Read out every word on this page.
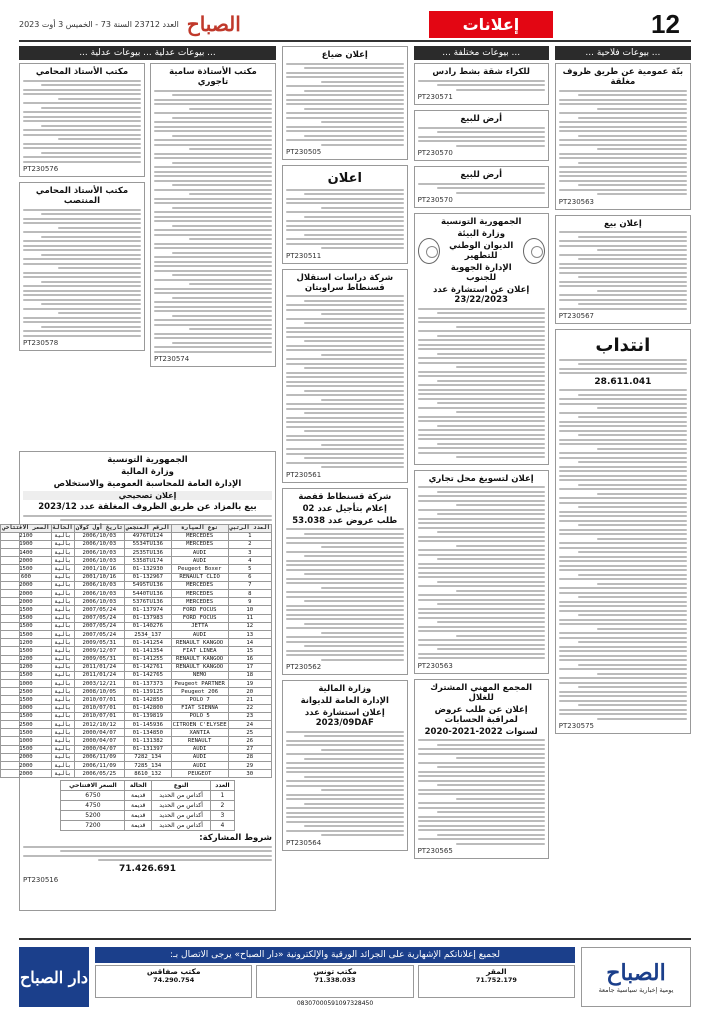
12
إعلانات
الصباح
العدد 23712 السنة 73 - الخميس 3 أوت 2023
... بيوعات فلاحية ...
بتّة عمومية عن طريق ظروف مغلقة
PT230563
إعلان بيع
PT230567
انتداب
28.611.041
PT230575
... بيوعات مختلفة ...
للكراء شقة بشط رادس
PT230571
أرض للبيع
PT230570
أرض للبيع
PT230570
الجمهورية التونسية
وزارة البيئة
الديوان الوطني للتطهير
الإدارة الجهوية للجنوب
إعلان عن استشارة عدد 23/22/2023
إعلان لتسويغ محل تجاري
PT230563
المجمع المهني المشترك للغلال
إعلان عن طلب عروض لمراقبة الحسابات
لسنوات 2022-2021-2020
PT230565
إعلان ضياع
PT230505
اعلان
PT230511
شركة دراسات استقلال قسنطاط سراوبتان
PT230561
شركة قسنطاط قفصة
إعلام بتأجيل عدد 02
طلب عروض عدد 53.038
PT230562
وزارة المالية
الإدارة العامة للديوانة
إعلان استشارة عدد 2023/09DAF
PT230564
... بيوعات عدلية ... بيوعات عدلية ...
مكتب الأستاذة سامية تاجوري
PT230574
مكتب الأستاذ المحامي
PT230576
مكتب الأستاذ المحامي المنتصب
PT230578
الجمهورية التونسية
وزارة المالية
الإدارة العامة للمحاسبة العمومية والاستخلاص
إعلان تصحيحي
بيع بالمزاد عن طريق الظروف المغلقة عدد 2023/12
العدد الرتبي	نوع السيارة	الرقم المنجمي	تاريخ أول كولان	الحالة	السعر الافتتاحي
1	MERCEDES	4976TU124	2006/10/03	بالية	2100
2	MERCEDES	5534TU136	2006/10/03	بالية	1900
3	AUDI	2535TU136	2006/10/03	بالية	1400
4	AUDI	5358TU174	2006/10/03	بالية	2000
5	Peugeot Boxer	01-132930	2001/10/16	بالية	1500
6	RENAULT CLIO	01-132967	2001/10/16	بالية	600
7	MERCEDES	5495TU136	2006/10/03	بالية	2000
8	MERCEDES	5440TU136	2006/10/03	بالية	2000
9	MERCEDES	5376TU136	2006/10/03	بالية	2000
10	FORD FOCUS	01-137974	2007/05/24	بالية	1500
11	FORD FOCUS	01-137983	2007/05/24	بالية	1500
12	JETTA	01-140276	2007/05/24	بالية	1500
13	AUDI	137_2534	2007/05/24	بالية	1500
14	RENAULT KANGOO	01-141254	2009/05/31	بالية	1200
15	FIAT LINEA	01-141354	2009/12/07	بالية	1500
16	RENAULT KANGOO	01-141255	2009/05/31	بالية	1200
17	RENAULT KANGOO	01-142761	2011/01/24	بالية	1200
18	NEMO	01-142765	2011/01/24	بالية	1500
19	Peugeot PARTNER	01-137373	2003/12/21	بالية	1000
20	Peugeot 206	01-139125	2008/10/05	بالية	2500
21	POLO 7	01-142850	2010/07/01	بالية	1500
22	FIAT SIENNA	01-142800	2010/07/01	بالية	1000
23	POLO 5	01-139819	2010/07/01	بالية	1500
24	CITROEN C'ELYSEE	01-145936	2012/10/12	بالية	2500
25	XANTIA	01-134850	2000/04/07	بالية	1500
26	RENAULT	01-131382	2000/04/07	بالية	1000
27	AUDI	01-131397	2000/04/07	بالية	1500
28	AUDI	134_7282	2006/11/09	بالية	2000
29	AUDI	134_7285	2006/11/09	بالية	2000
30	PEUGEOT	132_8610	2006/05/25	بالية	2000
العدد	النوع	الحالة	السعر الافتتاحي
1	أكداس من الحديد	قديمة	6750
2	أكداس من الحديد	قديمة	4750
3	أكداس من الحديد	قديمة	5200
4	أكداس من الحديد	قديمة	7200
شروط المشاركة:
71.426.691
PT230516
الصباح
يومية إخبارية سياسية جامعة
لجميع إعلاناتكم الإشهارية على الجرائد الورقية والإلكترونية «دار الصباح» يرجى الاتصال بـ:
المقر
71.752.179
مكتب تونس
71.338.033
مكتب صفاقس
74.290.754
08307000591097328450
دار الصباح
